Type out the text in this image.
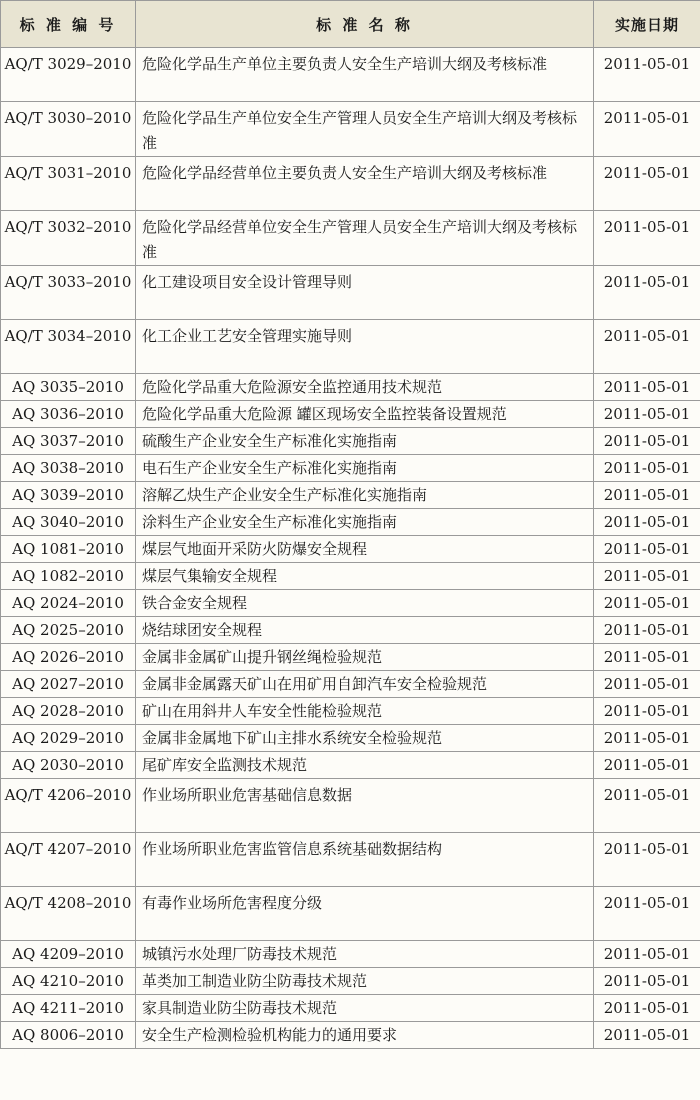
标 准 编 号	标 准 名 称	实施日期
AQ/T 3029–2010	危险化学品生产单位主要负责人安全生产培训大纲及考核标准	2011-05-01
AQ/T 3030–2010	危险化学品生产单位安全生产管理人员安全生产培训大纲及考核标准	2011-05-01
AQ/T 3031–2010	危险化学品经营单位主要负责人安全生产培训大纲及考核标准	2011-05-01
AQ/T 3032–2010	危险化学品经营单位安全生产管理人员安全生产培训大纲及考核标准	2011-05-01
AQ/T 3033–2010	化工建设项目安全设计管理导则	2011-05-01
AQ/T 3034–2010	化工企业工艺安全管理实施导则	2011-05-01
AQ 3035–2010	危险化学品重大危险源安全监控通用技术规范	2011-05-01
AQ 3036–2010	危险化学品重大危险源 罐区现场安全监控装备设置规范	2011-05-01
AQ 3037–2010	硫酸生产企业安全生产标准化实施指南	2011-05-01
AQ 3038–2010	电石生产企业安全生产标准化实施指南	2011-05-01
AQ 3039–2010	溶解乙炔生产企业安全生产标准化实施指南	2011-05-01
AQ 3040–2010	涂料生产企业安全生产标准化实施指南	2011-05-01
AQ 1081–2010	煤层气地面开采防火防爆安全规程	2011-05-01
AQ 1082–2010	煤层气集输安全规程	2011-05-01
AQ 2024–2010	铁合金安全规程	2011-05-01
AQ 2025–2010	烧结球团安全规程	2011-05-01
AQ 2026–2010	金属非金属矿山提升钢丝绳检验规范	2011-05-01
AQ 2027–2010	金属非金属露天矿山在用矿用自卸汽车安全检验规范	2011-05-01
AQ 2028–2010	矿山在用斜井人车安全性能检验规范	2011-05-01
AQ 2029–2010	金属非金属地下矿山主排水系统安全检验规范	2011-05-01
AQ 2030–2010	尾矿库安全监测技术规范	2011-05-01
AQ/T 4206–2010	作业场所职业危害基础信息数据	2011-05-01
AQ/T 4207–2010	作业场所职业危害监管信息系统基础数据结构	2011-05-01
AQ/T 4208–2010	有毒作业场所危害程度分级	2011-05-01
AQ 4209–2010	城镇污水处理厂防毒技术规范	2011-05-01
AQ 4210–2010	革类加工制造业防尘防毒技术规范	2011-05-01
AQ 4211–2010	家具制造业防尘防毒技术规范	2011-05-01
AQ 8006–2010	安全生产检测检验机构能力的通用要求	2011-05-01
